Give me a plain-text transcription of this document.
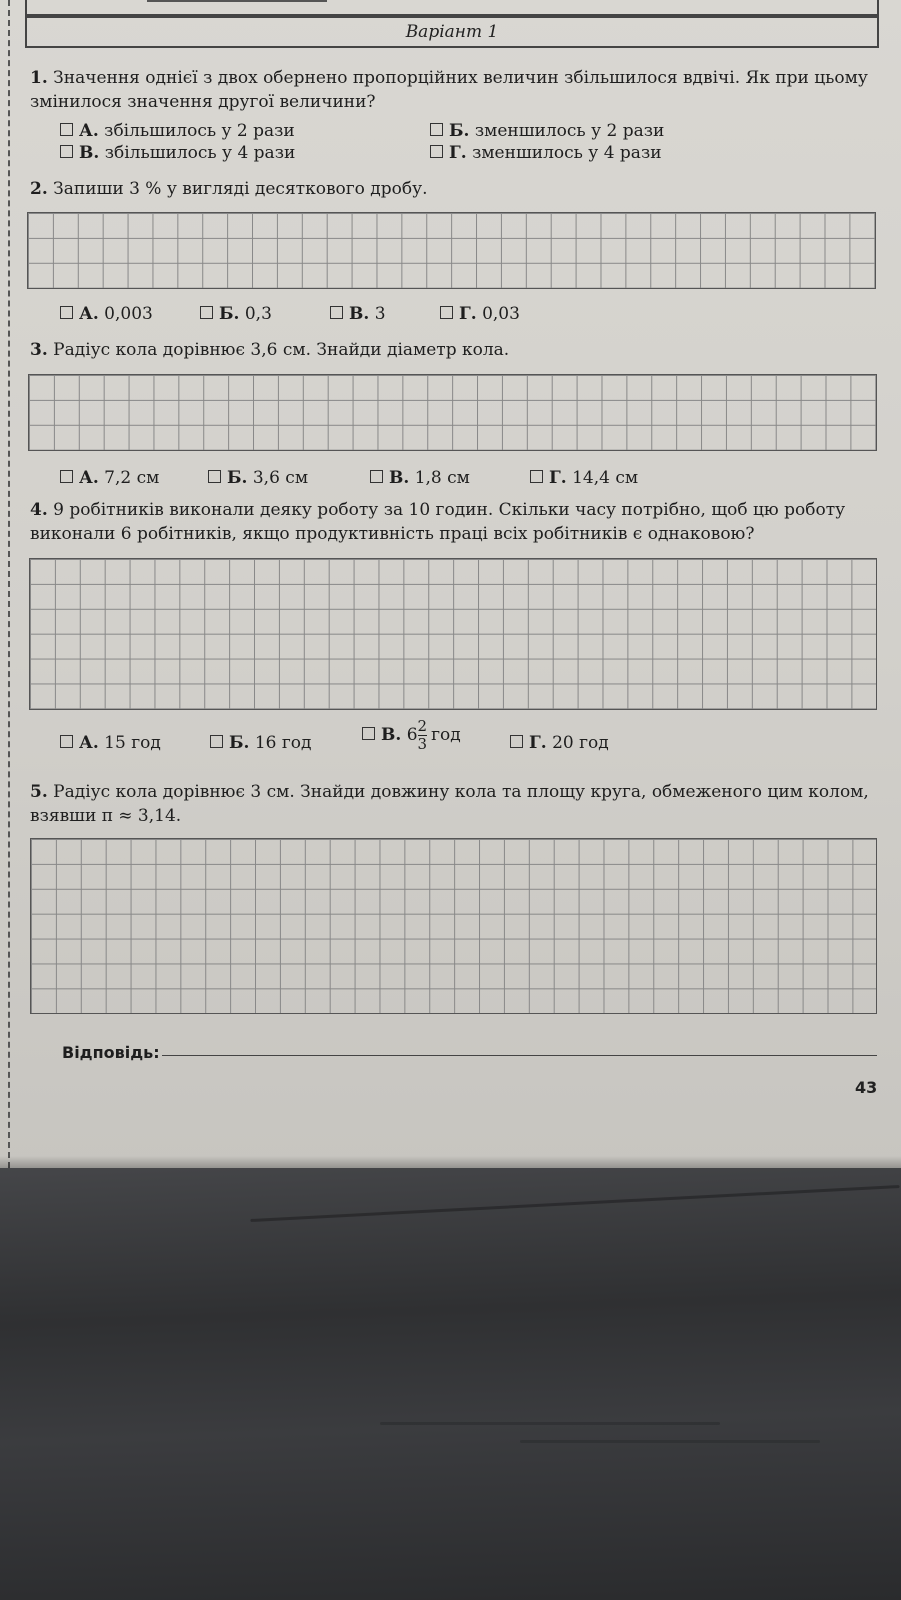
Варіант 1
1. Значення однієї з двох обернено пропорційних величин збільшилося вдвічі. Як при цьому змінилося значення другої величини?
А. збільшилось у 2 рази	Б. зменшилось у 2 рази
В. збільшилось у 4 рази	Г. зменшилось у 4 рази
2. Запиши 3 % у вигляді десяткового дробу.
А. 0,003	Б. 0,3	В. 3	Г. 0,03
3. Радіус кола дорівнює 3,6 см. Знайди діаметр кола.
А. 7,2 см	Б. 3,6 см	В. 1,8 см	Г. 14,4 см
4. 9 робітників виконали деяку роботу за 10 годин. Скільки часу потрібно, щоб цю роботу виконали 6 робітників, якщо продуктивність праці всіх робітників є однаковою?
А. 15 год	Б. 16 год	В. $6 \frac{2}{3}$ год	Г. 20 год
5. Радіус кола дорівнює 3 см. Знайди довжину кола та площу круга, обмеженого цим колом, взявши π ≈ 3,14.
Відповідь:
43
